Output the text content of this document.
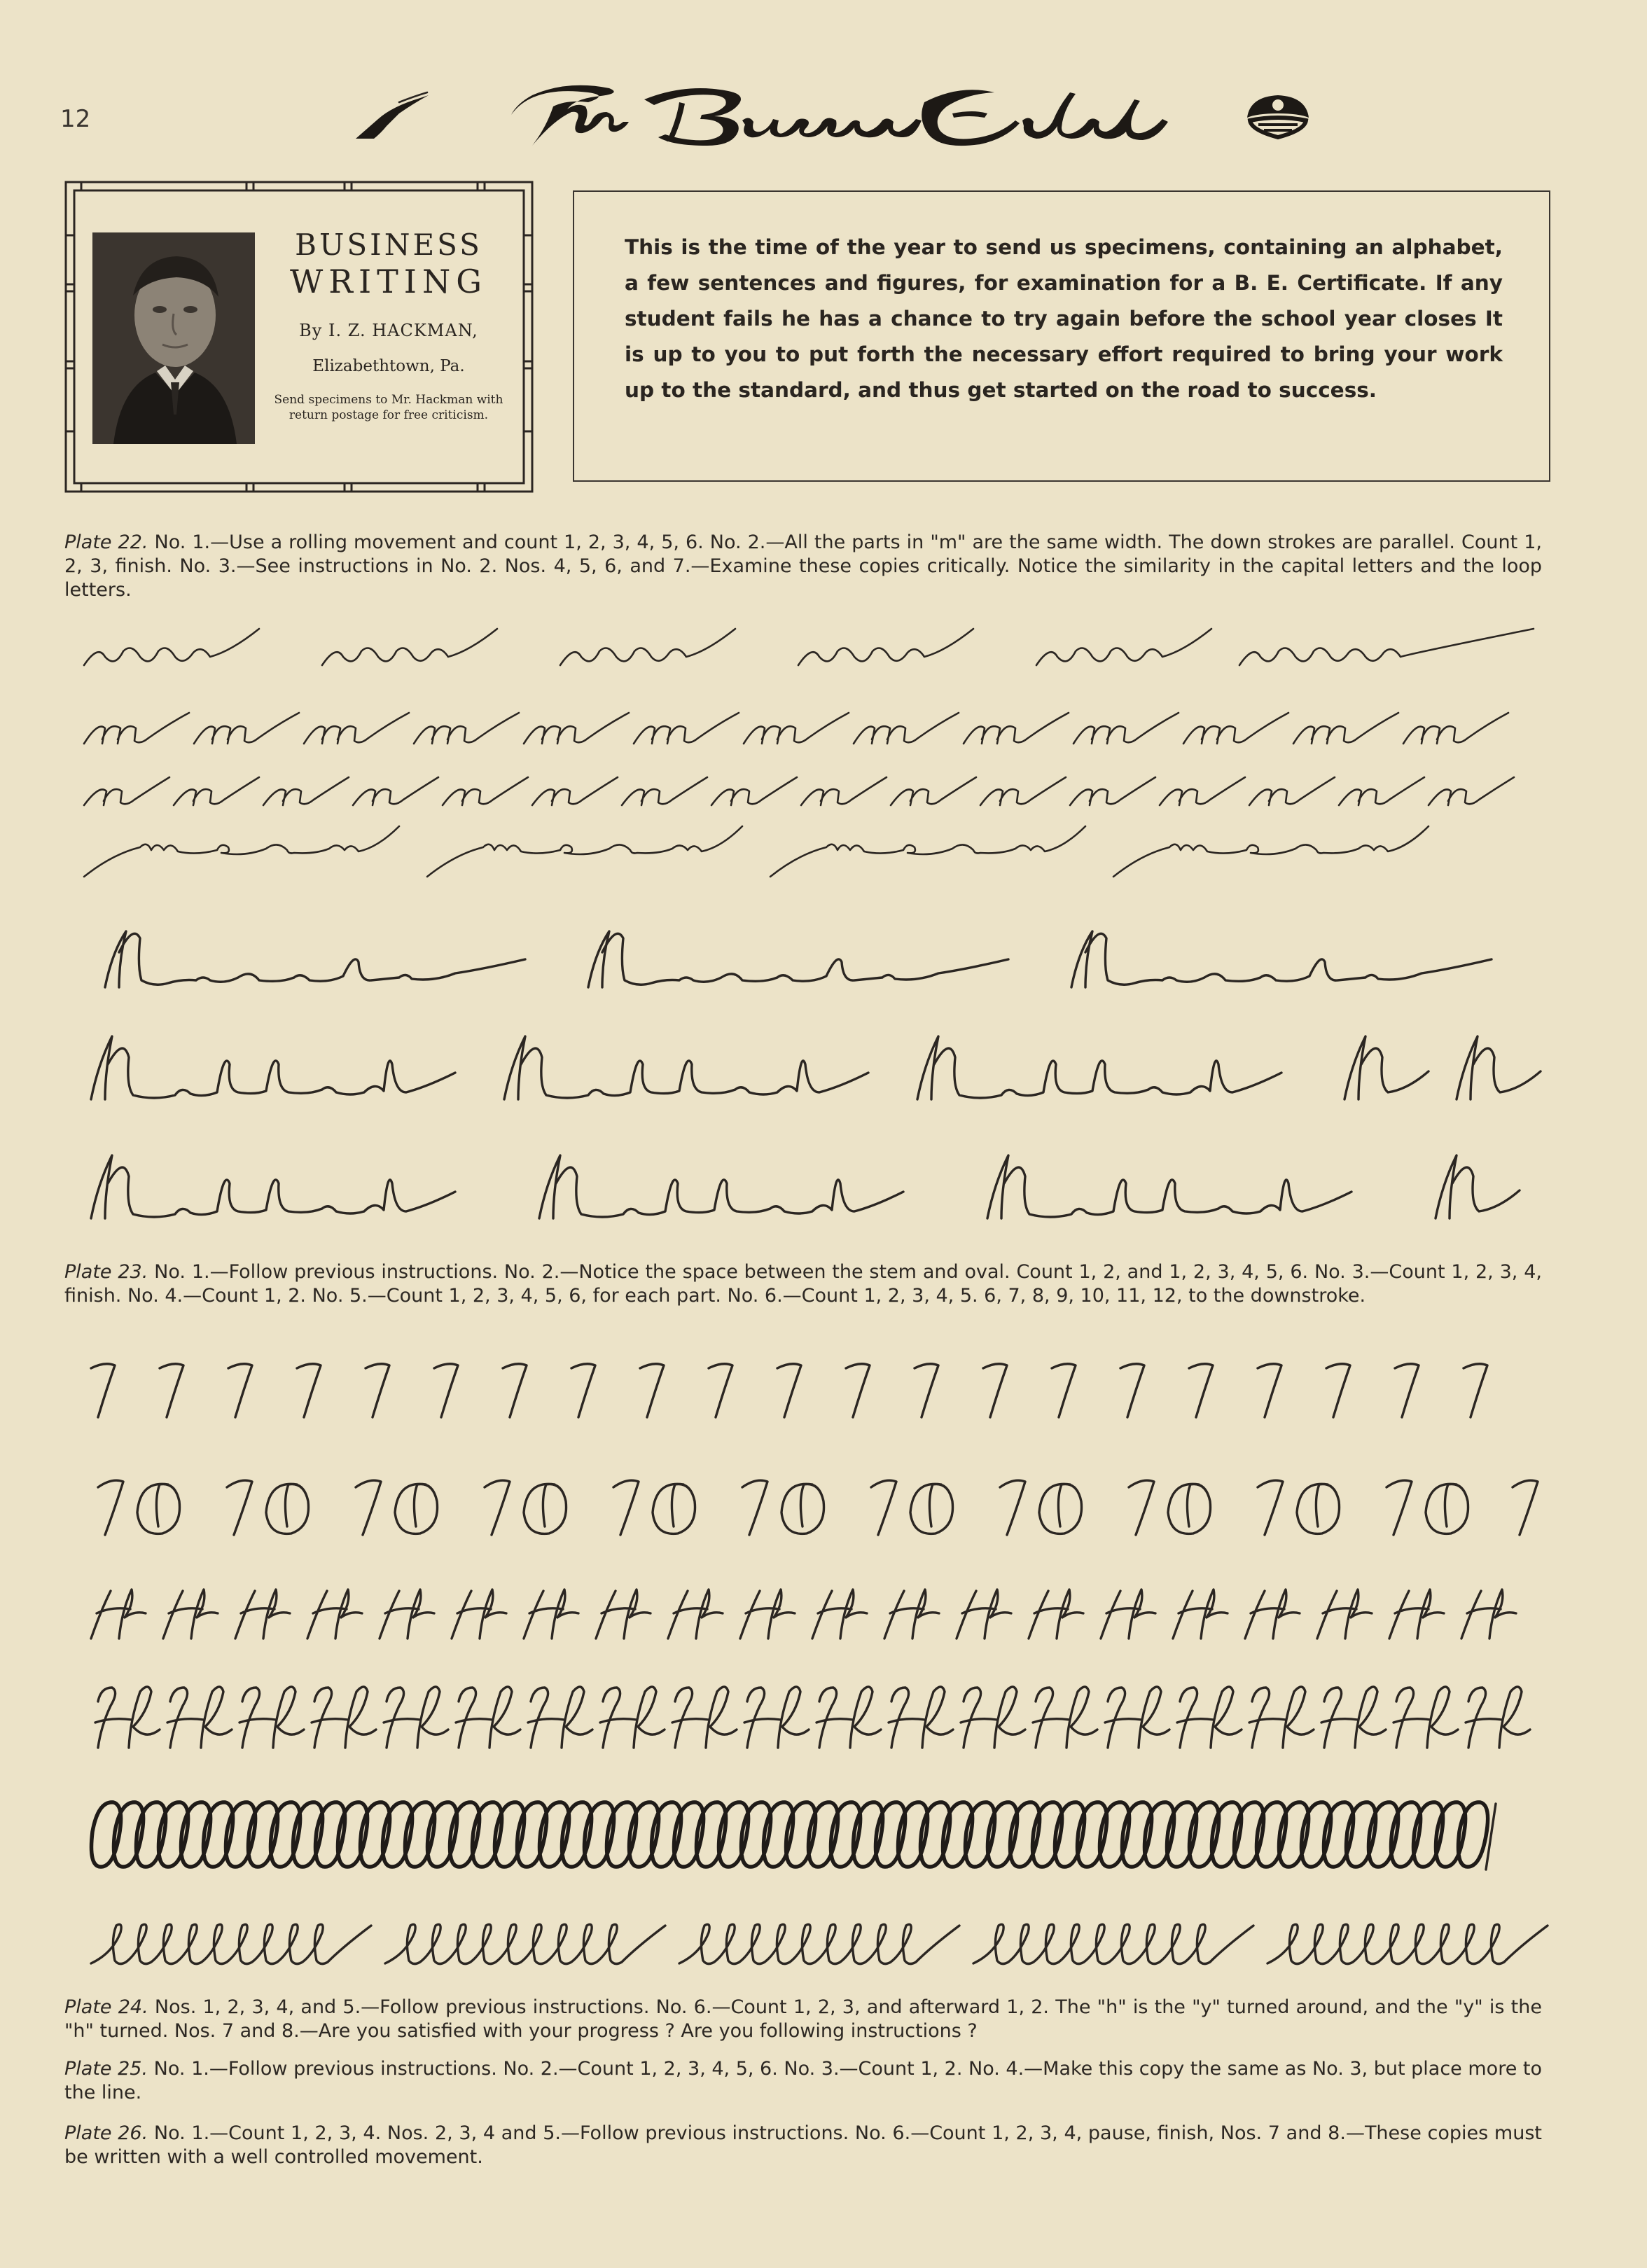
12
BUSINESS
WRITING
By I. Z. HACKMAN,
Elizabethtown, Pa.
Send specimens to Mr. Hackman with return postage for free criticism.
This is the time of the year to send us specimens, containing an alphabet, a few sentences and figures, for examination for a B. E. Certificate. If any student fails he has a chance to try again before the school year closes It is up to you to put forth the necessary effort required to bring your work up to the standard, and thus get started on the road to success.
Plate 22. No. 1.—Use a rolling movement and count 1, 2, 3, 4, 5, 6. No. 2.—All the parts in "m" are the same width. The down strokes are parallel. Count 1, 2, 3, finish. No. 3.—See instructions in No. 2. Nos. 4, 5, 6, and 7.—Examine these copies critically. Notice the similarity in the capital letters and the loop letters.
Plate 23. No. 1.—Follow previous instructions. No. 2.—Notice the space between the stem and oval. Count 1, 2, and 1, 2, 3, 4, 5, 6. No. 3.—Count 1, 2, 3, 4, finish. No. 4.—Count 1, 2. No. 5.—Count 1, 2, 3, 4, 5, 6, for each part. No. 6.—Count 1, 2, 3, 4, 5. 6, 7, 8, 9, 10, 11, 12, to the downstroke.
Plate 24. Nos. 1, 2, 3, 4, and 5.—Follow previous instructions. No. 6.—Count 1, 2, 3, and afterward 1, 2. The "h" is the "y" turned around, and the "y" is the "h" turned. Nos. 7 and 8.—Are you satisfied with your progress ? Are you following instructions ?
Plate 25. No. 1.—Follow previous instructions. No. 2.—Count 1, 2, 3, 4, 5, 6. No. 3.—Count 1, 2. No. 4.—Make this copy the same as No. 3, but place more to the line.
Plate 26. No. 1.—Count 1, 2, 3, 4. Nos. 2, 3, 4 and 5.—Follow previous instructions. No. 6.—Count 1, 2, 3, 4, pause, finish, Nos. 7 and 8.—These copies must be written with a well controlled movement.
